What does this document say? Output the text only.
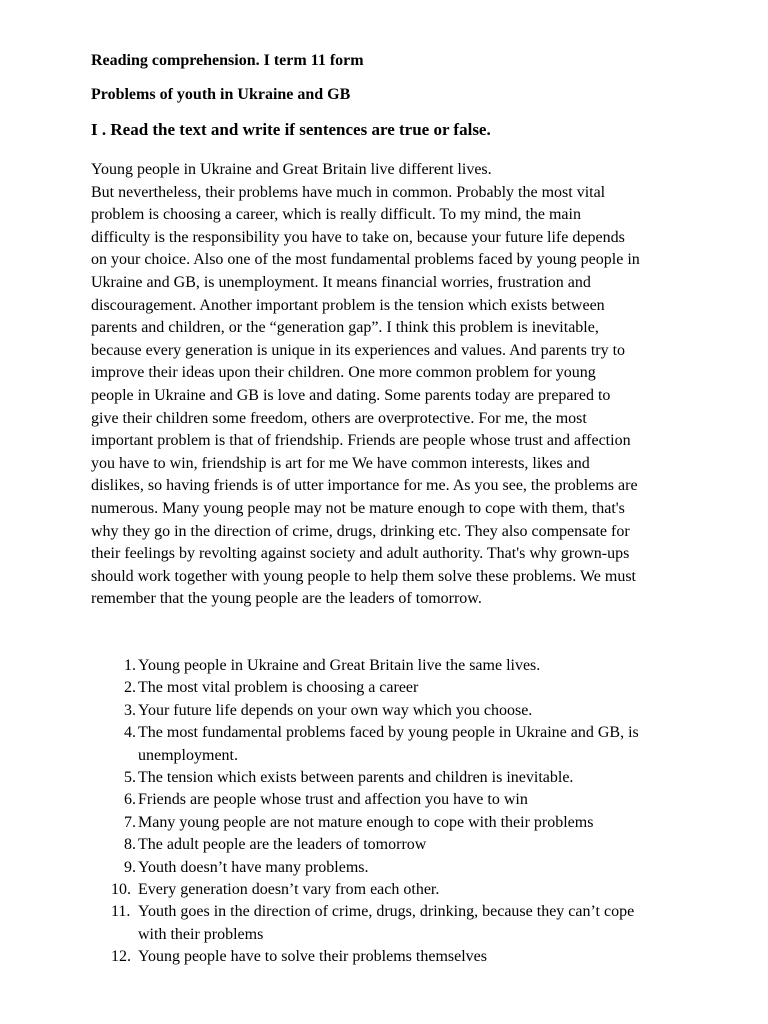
Reading comprehension. I term 11 form

Problems of youth in Ukraine and GB

I . Read the text and write if sentences are true or false.

Young people in Ukraine and Great Britain live different lives.
But nevertheless, their problems have much in common. Probably the most vital
problem is choosing a career, which is really difficult. To my mind, the main
difficulty is the responsibility you have to take on, because your future life depends
on your choice. Also one of the most fundamental problems faced by young people in
Ukraine and GB, is unemployment. It means financial worries, frustration and
discouragement. Another important problem is the tension which exists between
parents and children, or the “generation gap”. I think this problem is inevitable,
because every generation is unique in its experiences and values. And parents try to
improve their ideas upon their children. One more common problem for young
people in Ukraine and GB is love and dating. Some parents today are prepared to
give their children some freedom, others are overprotective. For me, the most
important problem is that of friendship. Friends are people whose trust and affection
you have to win, friendship is art for me We have common interests, likes and
dislikes, so having friends is of utter importance for me. As you see, the problems are
numerous. Many young people may not be mature enough to cope with them, that's
why they go in the direction of crime, drugs, drinking etc. They also compensate for
their feelings by revolting against society and adult authority. That's why grown-ups
should work together with young people to help them solve these problems. We must
remember that the young people are the leaders of tomorrow.
1. Young people in Ukraine and Great Britain live the same lives.
2. The most vital problem is choosing a career
3. Your future life depends on your own way which you choose.
4. The most fundamental problems faced by young people in Ukraine and GB, is
unemployment.
5. The tension which exists between parents and children is inevitable.
6. Friends are people whose trust and affection you have to win
7. Many young people are not mature enough to cope with their problems
8. The adult people are the leaders of tomorrow
9. Youth doesn’t have many problems.
10. Every generation doesn’t vary from each other.
11. Youth goes in the direction of crime, drugs, drinking, because they can’t cope
with their problems
12. Young people have to solve their problems themselves
